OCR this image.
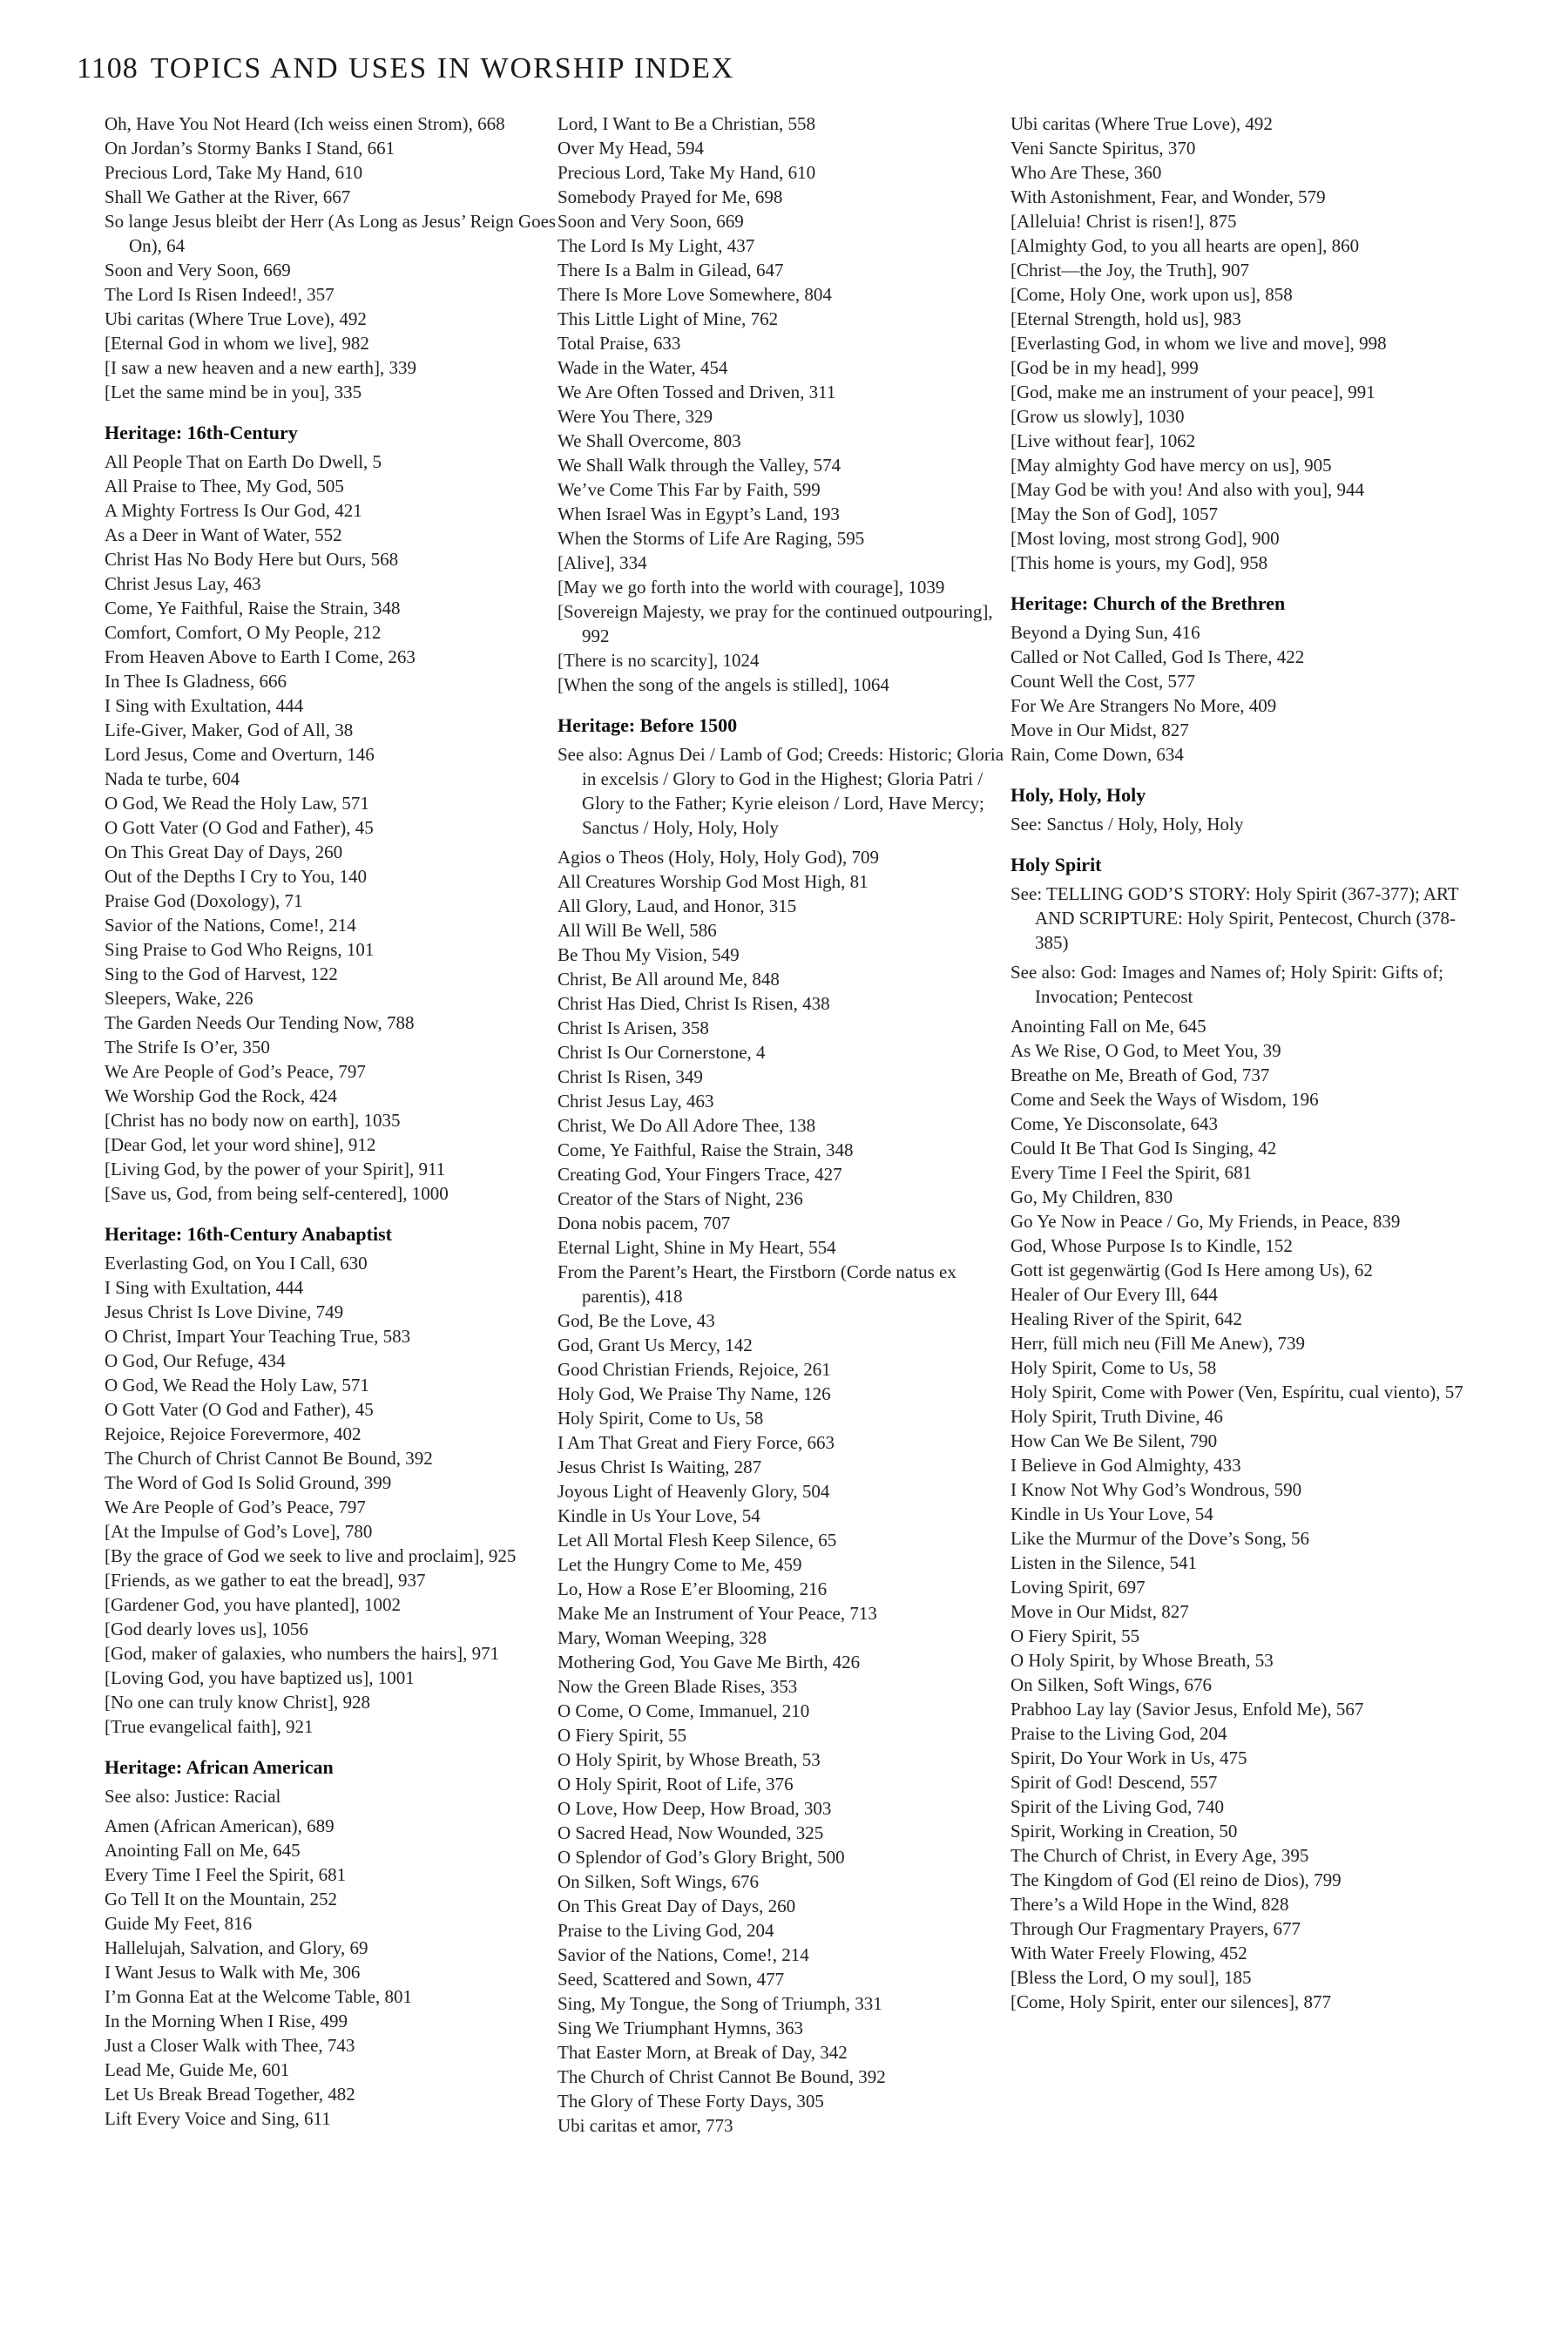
1108 TOPICS AND USES IN WORSHIP INDEX
Oh, Have You Not Heard (Ich weiss einen Strom), 668
On Jordan’s Stormy Banks I Stand, 661
Precious Lord, Take My Hand, 610
Shall We Gather at the River, 667
So lange Jesus bleibt der Herr (As Long as Jesus’ Reign Goes On), 64
Soon and Very Soon, 669
The Lord Is Risen Indeed!, 357
Ubi caritas (Where True Love), 492
[Eternal God in whom we live], 982
[I saw a new heaven and a new earth], 339
[Let the same mind be in you], 335
Heritage: 16th-Century
All People That on Earth Do Dwell, 5
All Praise to Thee, My God, 505
A Mighty Fortress Is Our God, 421
As a Deer in Want of Water, 552
Christ Has No Body Here but Ours, 568
Christ Jesus Lay, 463
Come, Ye Faithful, Raise the Strain, 348
Comfort, Comfort, O My People, 212
From Heaven Above to Earth I Come, 263
In Thee Is Gladness, 666
I Sing with Exultation, 444
Life-Giver, Maker, God of All, 38
Lord Jesus, Come and Overturn, 146
Nada te turbe, 604
O God, We Read the Holy Law, 571
O Gott Vater (O God and Father), 45
On This Great Day of Days, 260
Out of the Depths I Cry to You, 140
Praise God (Doxology), 71
Savior of the Nations, Come!, 214
Sing Praise to God Who Reigns, 101
Sing to the God of Harvest, 122
Sleepers, Wake, 226
The Garden Needs Our Tending Now, 788
The Strife Is O’er, 350
We Are People of God’s Peace, 797
We Worship God the Rock, 424
[Christ has no body now on earth], 1035
[Dear God, let your word shine], 912
[Living God, by the power of your Spirit], 911
[Save us, God, from being self-centered], 1000
Heritage: 16th-Century Anabaptist
Everlasting God, on You I Call, 630
I Sing with Exultation, 444
Jesus Christ Is Love Divine, 749
O Christ, Impart Your Teaching True, 583
O God, Our Refuge, 434
O God, We Read the Holy Law, 571
O Gott Vater (O God and Father), 45
Rejoice, Rejoice Forevermore, 402
The Church of Christ Cannot Be Bound, 392
The Word of God Is Solid Ground, 399
We Are People of God’s Peace, 797
[At the Impulse of God’s Love], 780
[By the grace of God we seek to live and proclaim], 925
[Friends, as we gather to eat the bread], 937
[Gardener God, you have planted], 1002
[God dearly loves us], 1056
[God, maker of galaxies, who numbers the hairs], 971
[Loving God, you have baptized us], 1001
[No one can truly know Christ], 928
[True evangelical faith], 921
Heritage: African American
See also: Justice: Racial
Amen (African American), 689
Anointing Fall on Me, 645
Every Time I Feel the Spirit, 681
Go Tell It on the Mountain, 252
Guide My Feet, 816
Hallelujah, Salvation, and Glory, 69
I Want Jesus to Walk with Me, 306
I’m Gonna Eat at the Welcome Table, 801
In the Morning When I Rise, 499
Just a Closer Walk with Thee, 743
Lead Me, Guide Me, 601
Let Us Break Bread Together, 482
Lift Every Voice and Sing, 611
Lord, I Want to Be a Christian, 558
Over My Head, 594
Precious Lord, Take My Hand, 610
Somebody Prayed for Me, 698
Soon and Very Soon, 669
The Lord Is My Light, 437
There Is a Balm in Gilead, 647
There Is More Love Somewhere, 804
This Little Light of Mine, 762
Total Praise, 633
Wade in the Water, 454
We Are Often Tossed and Driven, 311
Were You There, 329
We Shall Overcome, 803
We Shall Walk through the Valley, 574
We’ve Come This Far by Faith, 599
When Israel Was in Egypt’s Land, 193
When the Storms of Life Are Raging, 595
[Alive], 334
[May we go forth into the world with courage], 1039
[Sovereign Majesty, we pray for the continued outpouring], 992
[There is no scarcity], 1024
[When the song of the angels is stilled], 1064
Heritage: Before 1500
See also: Agnus Dei / Lamb of God; Creeds: Historic; Gloria in excelsis / Glory to God in the Highest; Gloria Patri / Glory to the Father; Kyrie eleison / Lord, Have Mercy; Sanctus / Holy, Holy, Holy
Agios o Theos (Holy, Holy, Holy God), 709
All Creatures Worship God Most High, 81
All Glory, Laud, and Honor, 315
All Will Be Well, 586
Be Thou My Vision, 549
Christ, Be All around Me, 848
Christ Has Died, Christ Is Risen, 438
Christ Is Arisen, 358
Christ Is Our Cornerstone, 4
Christ Is Risen, 349
Christ Jesus Lay, 463
Christ, We Do All Adore Thee, 138
Come, Ye Faithful, Raise the Strain, 348
Creating God, Your Fingers Trace, 427
Creator of the Stars of Night, 236
Dona nobis pacem, 707
Eternal Light, Shine in My Heart, 554
From the Parent’s Heart, the Firstborn (Corde natus ex parentis), 418
God, Be the Love, 43
God, Grant Us Mercy, 142
Good Christian Friends, Rejoice, 261
Holy God, We Praise Thy Name, 126
Holy Spirit, Come to Us, 58
I Am That Great and Fiery Force, 663
Jesus Christ Is Waiting, 287
Joyous Light of Heavenly Glory, 504
Kindle in Us Your Love, 54
Let All Mortal Flesh Keep Silence, 65
Let the Hungry Come to Me, 459
Lo, How a Rose E’er Blooming, 216
Make Me an Instrument of Your Peace, 713
Mary, Woman Weeping, 328
Mothering God, You Gave Me Birth, 426
Now the Green Blade Rises, 353
O Come, O Come, Immanuel, 210
O Fiery Spirit, 55
O Holy Spirit, by Whose Breath, 53
O Holy Spirit, Root of Life, 376
O Love, How Deep, How Broad, 303
O Sacred Head, Now Wounded, 325
O Splendor of God’s Glory Bright, 500
On Silken, Soft Wings, 676
On This Great Day of Days, 260
Praise to the Living God, 204
Savior of the Nations, Come!, 214
Seed, Scattered and Sown, 477
Sing, My Tongue, the Song of Triumph, 331
Sing We Triumphant Hymns, 363
That Easter Morn, at Break of Day, 342
The Church of Christ Cannot Be Bound, 392
The Glory of These Forty Days, 305
Ubi caritas et amor, 773
Ubi caritas (Where True Love), 492
Veni Sancte Spiritus, 370
Who Are These, 360
With Astonishment, Fear, and Wonder, 579
[Alleluia! Christ is risen!], 875
[Almighty God, to you all hearts are open], 860
[Christ—the Joy, the Truth], 907
[Come, Holy One, work upon us], 858
[Eternal Strength, hold us], 983
[Everlasting God, in whom we live and move], 998
[God be in my head], 999
[God, make me an instrument of your peace], 991
[Grow us slowly], 1030
[Live without fear], 1062
[May almighty God have mercy on us], 905
[May God be with you! And also with you], 944
[May the Son of God], 1057
[Most loving, most strong God], 900
[This home is yours, my God], 958
Heritage: Church of the Brethren
Beyond a Dying Sun, 416
Called or Not Called, God Is There, 422
Count Well the Cost, 577
For We Are Strangers No More, 409
Move in Our Midst, 827
Rain, Come Down, 634
Holy, Holy, Holy
See: Sanctus / Holy, Holy, Holy
Holy Spirit
See: TELLING GOD’S STORY: Holy Spirit (367-377); ART AND SCRIPTURE: Holy Spirit, Pentecost, Church (378-385)
See also: God: Images and Names of; Holy Spirit: Gifts of; Invocation; Pentecost
Anointing Fall on Me, 645
As We Rise, O God, to Meet You, 39
Breathe on Me, Breath of God, 737
Come and Seek the Ways of Wisdom, 196
Come, Ye Disconsolate, 643
Could It Be That God Is Singing, 42
Every Time I Feel the Spirit, 681
Go, My Children, 830
Go Ye Now in Peace / Go, My Friends, in Peace, 839
God, Whose Purpose Is to Kindle, 152
Gott ist gegenwärtig (God Is Here among Us), 62
Healer of Our Every Ill, 644
Healing River of the Spirit, 642
Herr, füll mich neu (Fill Me Anew), 739
Holy Spirit, Come to Us, 58
Holy Spirit, Come with Power (Ven, Espíritu, cual viento), 57
Holy Spirit, Truth Divine, 46
How Can We Be Silent, 790
I Believe in God Almighty, 433
I Know Not Why God’s Wondrous, 590
Kindle in Us Your Love, 54
Like the Murmur of the Dove’s Song, 56
Listen in the Silence, 541
Loving Spirit, 697
Move in Our Midst, 827
O Fiery Spirit, 55
O Holy Spirit, by Whose Breath, 53
On Silken, Soft Wings, 676
Prabhoo Lay lay (Savior Jesus, Enfold Me), 567
Praise to the Living God, 204
Spirit, Do Your Work in Us, 475
Spirit of God! Descend, 557
Spirit of the Living God, 740
Spirit, Working in Creation, 50
The Church of Christ, in Every Age, 395
The Kingdom of God (El reino de Dios), 799
There’s a Wild Hope in the Wind, 828
Through Our Fragmentary Prayers, 677
With Water Freely Flowing, 452
[Bless the Lord, O my soul], 185
[Come, Holy Spirit, enter our silences], 877
